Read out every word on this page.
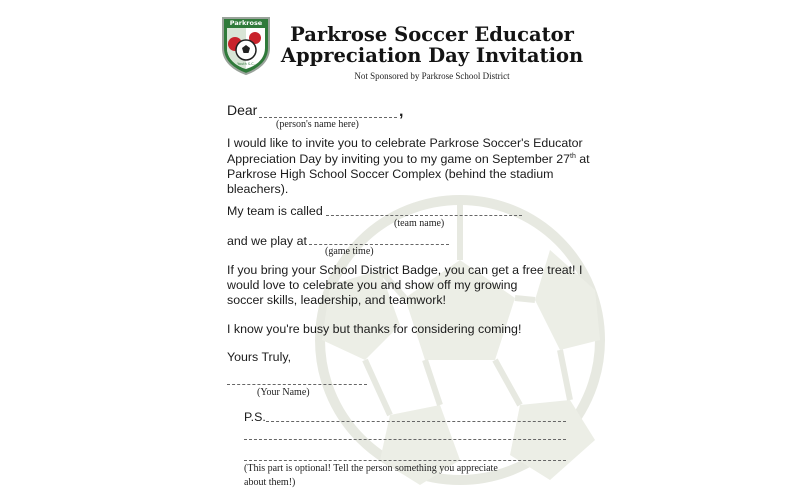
Parkrose
Youth S.C.
Parkrose Soccer Educator
Appreciation Day Invitation
Not Sponsored by Parkrose School District
Dear	,
(person's name here)
I would like to invite you to celebrate Parkrose Soccer's Educator
Appreciation Day by inviting you to my game on September 27th at
Parkrose High School Soccer Complex (behind the stadium
bleachers).
My team is called
(team name)
and we play at
(game time)
If you bring your School District Badge, you can get a free treat! I
would love to celebrate you and show off my growing
soccer skills, leadership, and teamwork!
I know you're busy but thanks for considering coming!
Yours Truly,
(Your Name)
P.S.
(This part is optional! Tell the person something you appreciate
about them!)
